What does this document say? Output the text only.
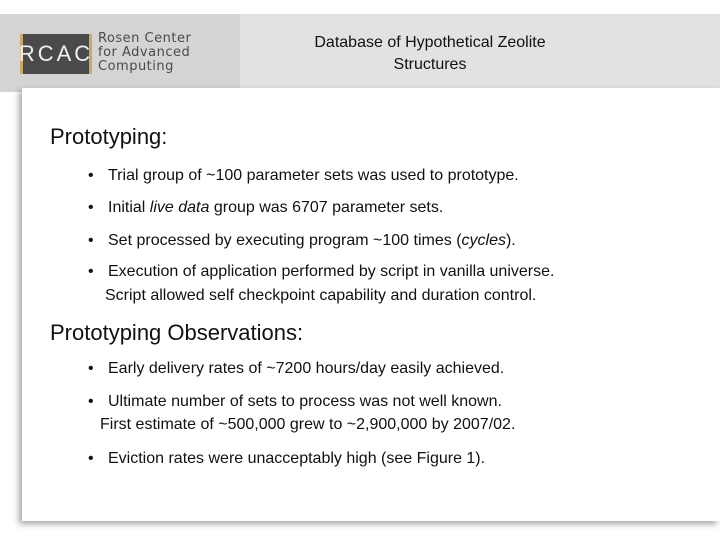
RCAC
Rosen Center
for Advanced
Computing
Database of Hypothetical Zeolite
Structures
Prototyping:
• Trial group of ~100 parameter sets was used to prototype.
• Initial live data group was 6707 parameter sets.
• Set processed by executing program ~100 times (cycles).
• Execution of application performed by script in vanilla universe.
Script allowed self checkpoint capability and duration control.
Prototyping Observations:
• Early delivery rates of ~7200 hours/day easily achieved.
• Ultimate number of sets to process was not well known.
First estimate of ~500,000 grew to ~2,900,000 by 2007/02.
• Eviction rates were unacceptably high (see Figure 1).
